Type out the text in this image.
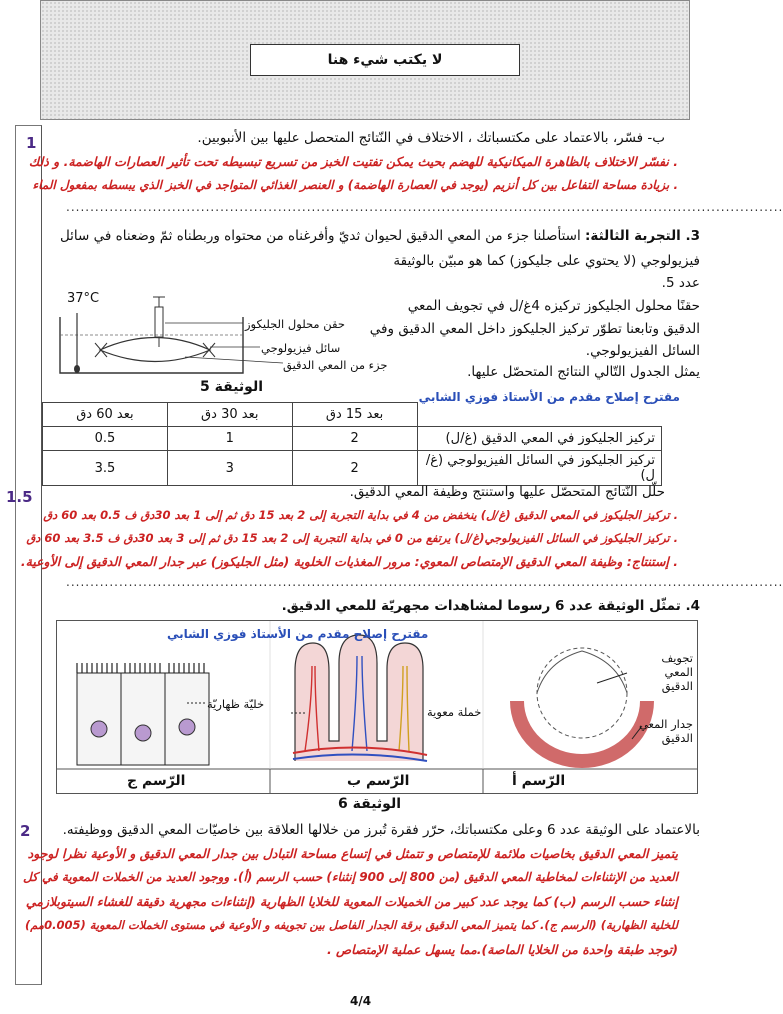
لا يكتب شيء هنا
1
1.5
2
ب- فسّر، بالاعتماد على مكتسباتك ، الاختلاف في النّتائج المتحصل عليها بين الأنبوبين.
. نفسّر الاختلاف بالظاهرة الميكانيكية للهضم بحيث يمكن تفتيت الخبز من تسريع تبسيطه تحت تأثير العصارات الهاضمة. و ذلك
. بزيادة مساحة التفاعل بين كل أنزيم (يوجد في العصارة الهاضمة) و العنصر الغذائي المتواجد في الخبز الذي يبسطه بمفعول الماء
.....................................................................................................................................................
3. التجربة الثالثة: استأصلنا جزء من المعي الدقيق لحيوان ثديّ وأفرغناه من محتواه وربطناه ثمّ وضعناه في سائل
فيزيولوجي (لا يحتوي على جليكوز) كما هو مبيّن بالوثيقة
عدد 5.
حقنًا محلول الجليكوز تركيزه 4غ/ل في تجويف المعي
الدقيق وتابعنا تطوّر تركيز الجليكوز داخل المعي الدقيق وفي
السائل الفيزيولوجي.
يمثل الجدول التّالي النتائج المتحصّل عليها.
37°C
حقن محلول الجليكوز
سائل فيزيولوجي
جزء من المعي الدقيق
الوثيقة 5
مقترح إصلاح مقدم من الأستاذ فوزي الشابي
	بعد 15 دق	بعد 30 دق	بعد 60 دق
تركيز الجليكوز في المعي الدقيق (غ/ل)	2	1	0.5
تركيز الجليكوز في السائل الفيزيولوجي (غ/ل)	2	3	3.5
حلّل النّتائج المتحصّل عليها واستنتج وظيفة المعي الدقيق.
. تركيز الجليكوز في المعي الدقيق (غ/ل) ينخفض من 4 في بداية التجربة إلى 2 بعد 15 دق ثم إلى 1 بعد 30دق ف 0.5 بعد 60 دق
. تركيز الجليكوز في السائل الفيزيولوجي(غ/ل) يرتفع من 0 في بداية التجربة إلى 2 بعد 15 دق ثم إلى 3 بعد 30دق ف 3.5 بعد 60 دق
. إستنتاج: وظيفة المعي الدقيق الإمتصاص المعوي: مرور المغذيات الخلوية (مثل الجليكوز) عبر جدار المعي الدقيق إلى الأوعية.
.....................................................................................................................................................
4. تمثّل الوثيقة عدد 6 رسوما لمشاهدات مجهريّة للمعي الدقيق.
مقترح إصلاح مقدم من الأستاذ فوزي الشابي
تجويف المعي الدقيق
جدار المعي الدقيق
خملة معوية
خليّة ظهاريّة
الرّسم أ
الرّسم ب
الرّسم ج
الوثيقة 6
بالاعتماد على الوثيقة عدد 6 وعلى مكتسباتك، حرّر فقرة تُبرز من خلالها العلاقة بين خاصيّات المعي الدقيق ووظيفته.
يتميز المعي الدقيق بخاصيات ملائمة للإمتصاص و تتمثل في إتساع مساحة التبادل بين جدار المعي الدقيق و الأوعية نظرا لوجود
العديد من الإنثناءات لمخاطية المعي الدقيق (من 800 إلى 900 إنثناء) حسب الرسم (أ). ووجود العديد من الخملات المعوية في كل
إنثناء حسب الرسم (ب) كما يوجد عدد كبير من الخميلات المعوية للخلايا الظهارية (إنثناءات مجهرية دقيقة للغشاء السيتوبلازمي
للخلية الظهارية) (الرسم ج). كما يتميز المعي الدقيق برقة الجدار الفاصل بين تجويفه و الأوعية في مستوى الخملات المعوية (0.005مم)
(توجد طبقة واحدة من الخلايا الماصة).مما يسهل عملية الإمتصاص .
4/4
